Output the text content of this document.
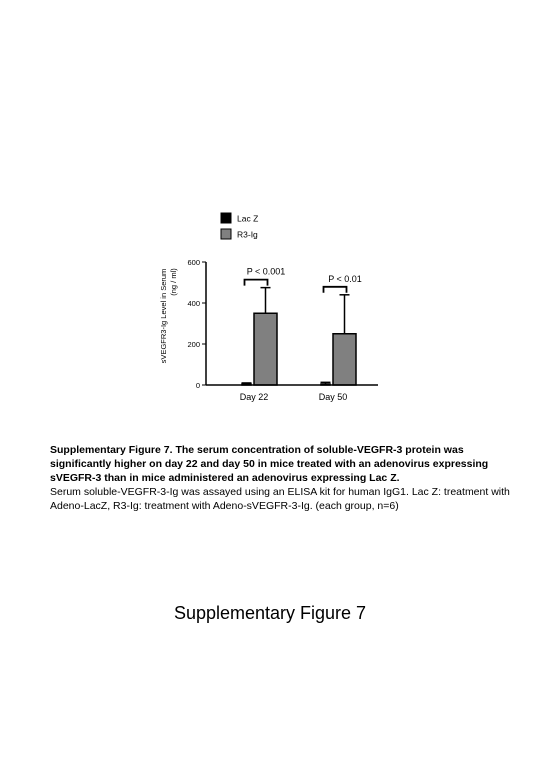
Lac Z
R3-Ig
0
200
400
600
Day 22	Day 50
P < 0.001
P < 0.01
sVEGFR3-Ig Level in Serum (ng / ml)
Supplementary Figure 7. The serum concentration of soluble-VEGFR-3 protein was significantly higher on day 22 and day 50 in mice treated with an adenovirus expressing sVEGFR-3 than in mice administered an adenovirus expressing Lac Z.
Serum soluble-VEGFR-3-Ig was assayed using an ELISA kit for human IgG1. Lac Z: treatment with Adeno-LacZ, R3-Ig: treatment with Adeno-sVEGFR-3-Ig. (each group, n=6)
Supplementary Figure 7
